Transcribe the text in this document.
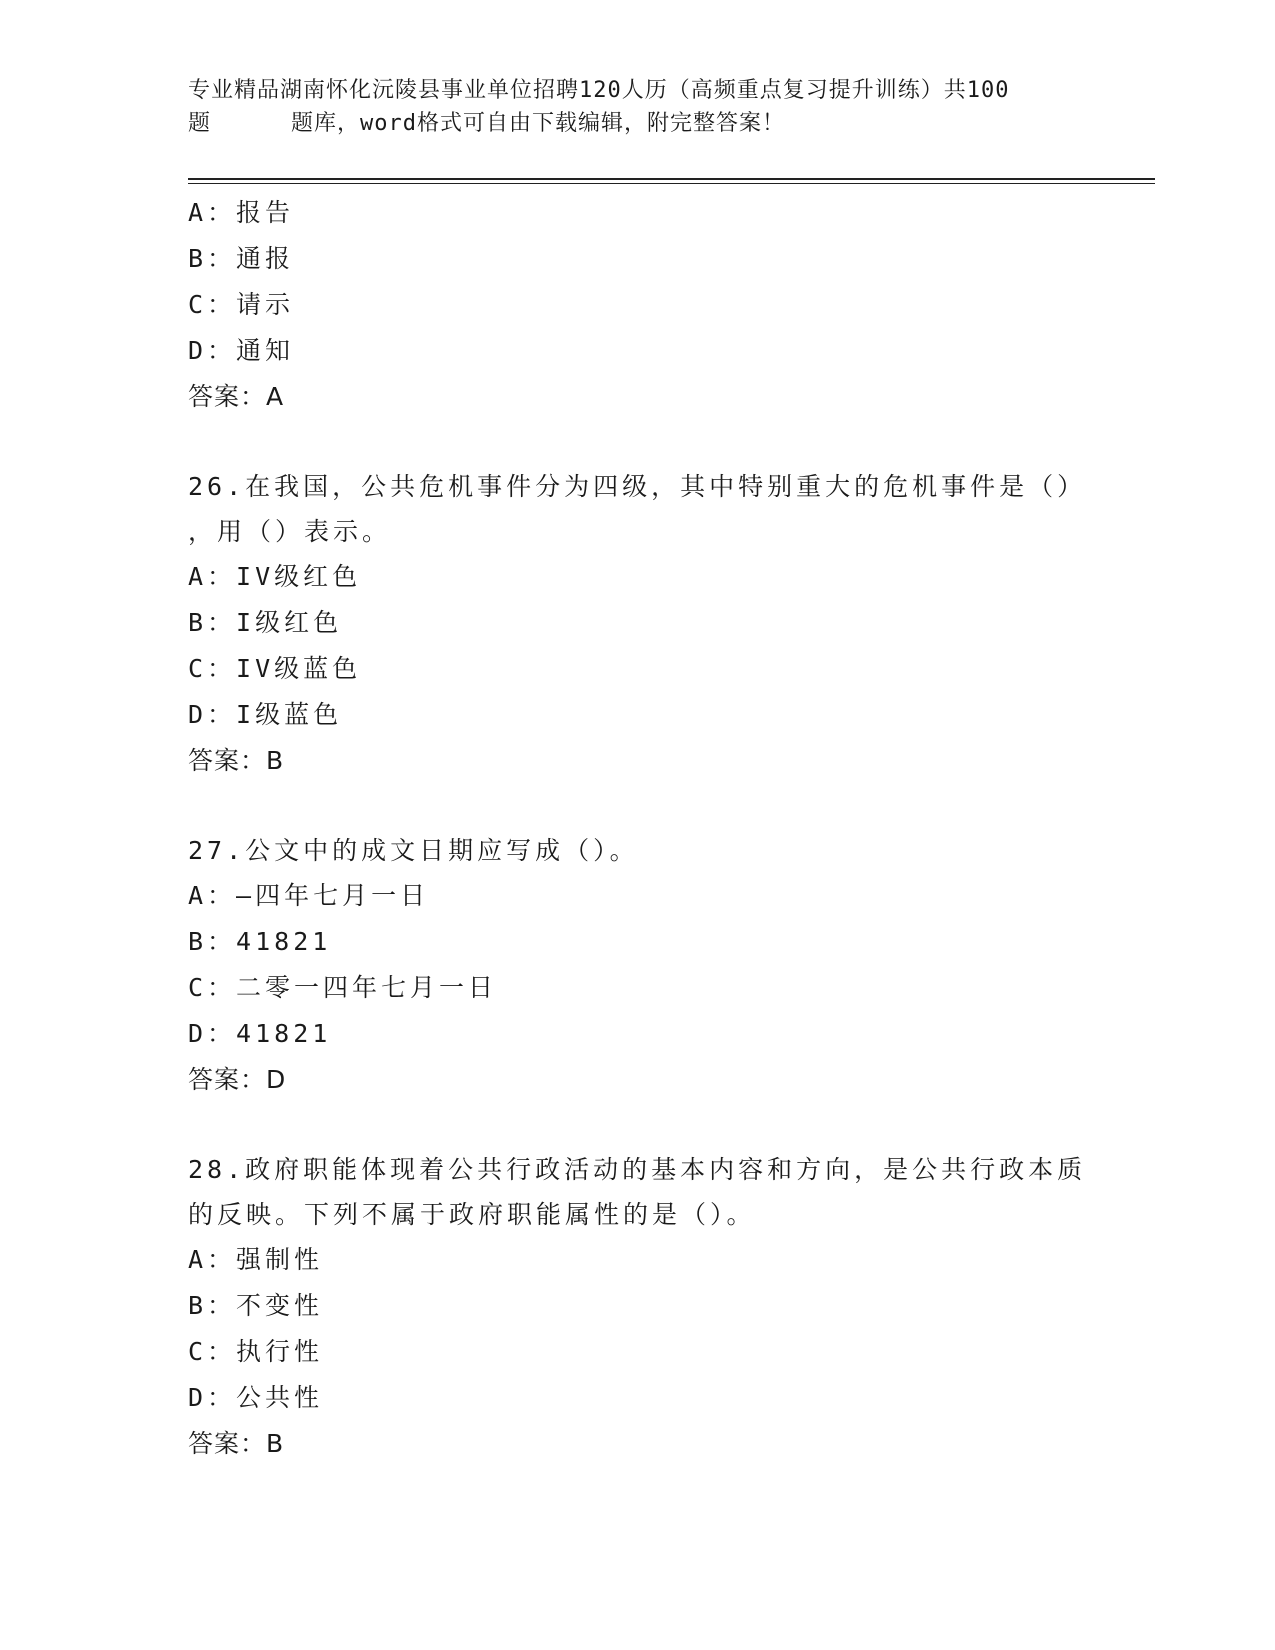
专业精品湖南怀化沅陵县事业单位招聘120人历（高频重点复习提升训练）共100
题	题库，word格式可自由下载编辑，附完整答案！
A：报告
B：通报
C：请示
D：通知
答案：A
26.在我国，公共危机事件分为四级，其中特别重大的危机事件是（）
，用（）表示。
A：IV级红色
B：I级红色
C：IV级蓝色
D：I级蓝色
答案：B
27.公文中的成文日期应写成（）。
A：—四年七月一日
B：41821
C：二零一四年七月一日
D：41821
答案：D
28.政府职能体现着公共行政活动的基本内容和方向，是公共行政本质
的反映。下列不属于政府职能属性的是（）。
A：强制性
B：不变性
C：执行性
D：公共性
答案：B
